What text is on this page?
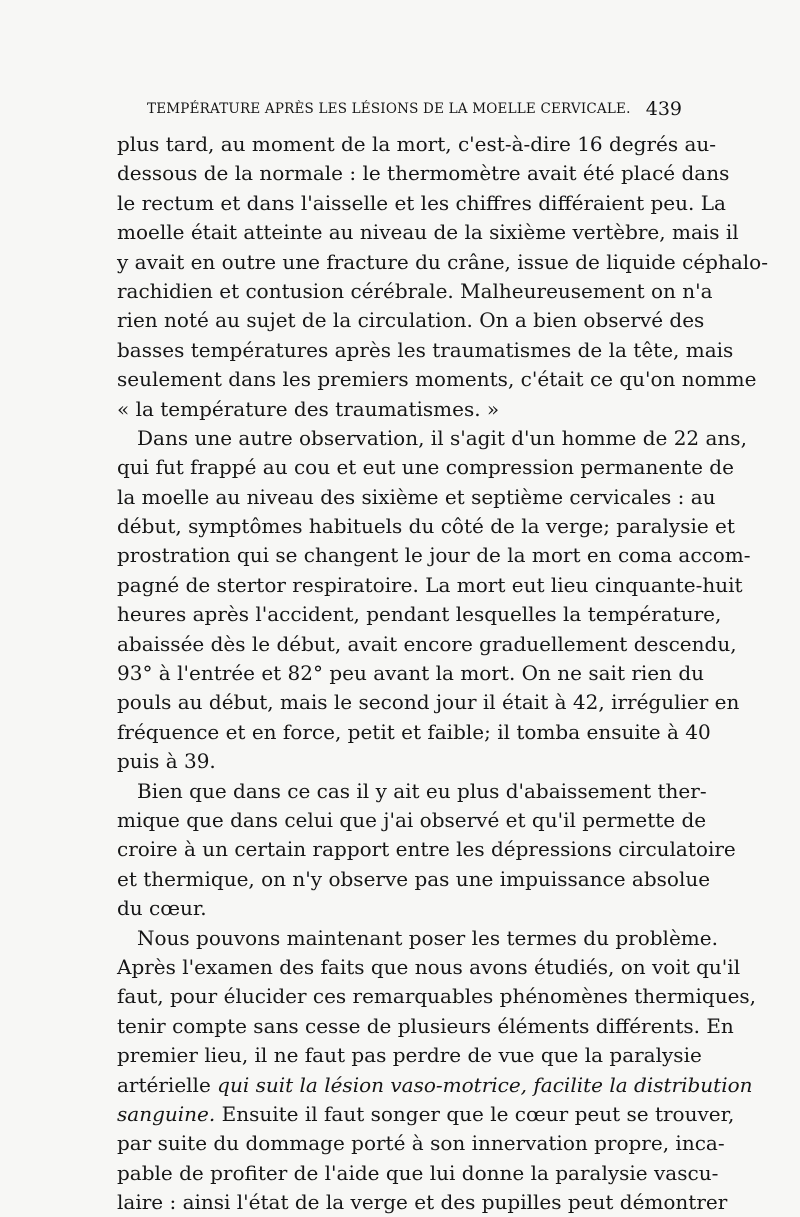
TEMPÉRATURE APRÈS LES LÉSIONS DE LA MOELLE CERVICALE. 439
plus tard, au moment de la mort, c'est-à-dire 16 degrés au-
dessous de la normale : le thermomètre avait été placé dans
le rectum et dans l'aisselle et les chiffres différaient peu. La
moelle était atteinte au niveau de la sixième vertèbre, mais il
y avait en outre une fracture du crâne, issue de liquide céphalo-
rachidien et contusion cérébrale. Malheureusement on n'a
rien noté au sujet de la circulation. On a bien observé des
basses températures après les traumatismes de la tête, mais
seulement dans les premiers moments, c'était ce qu'on nomme
« la température des traumatismes. »
Dans une autre observation, il s'agit d'un homme de 22 ans,
qui fut frappé au cou et eut une compression permanente de
la moelle au niveau des sixième et septième cervicales : au
début, symptômes habituels du côté de la verge; paralysie et
prostration qui se changent le jour de la mort en coma accom-
pagné de stertor respiratoire. La mort eut lieu cinquante-huit
heures après l'accident, pendant lesquelles la température,
abaissée dès le début, avait encore graduellement descendu,
93° à l'entrée et 82° peu avant la mort. On ne sait rien du
pouls au début, mais le second jour il était à 42, irrégulier en
fréquence et en force, petit et faible; il tomba ensuite à 40
puis à 39.
Bien que dans ce cas il y ait eu plus d'abaissement ther-
mique que dans celui que j'ai observé et qu'il permette de
croire à un certain rapport entre les dépressions circulatoire
et thermique, on n'y observe pas une impuissance absolue
du cœur.
Nous pouvons maintenant poser les termes du problème.
Après l'examen des faits que nous avons étudiés, on voit qu'il
faut, pour élucider ces remarquables phénomènes thermiques,
tenir compte sans cesse de plusieurs éléments différents. En
premier lieu, il ne faut pas perdre de vue que la paralysie
artérielle qui suit la lésion vaso-motrice, facilite la distribution
sanguine. Ensuite il faut songer que le cœur peut se trouver,
par suite du dommage porté à son innervation propre, inca-
pable de profiter de l'aide que lui donne la paralysie vascu-
laire : ainsi l'état de la verge et des pupilles peut démontrer
